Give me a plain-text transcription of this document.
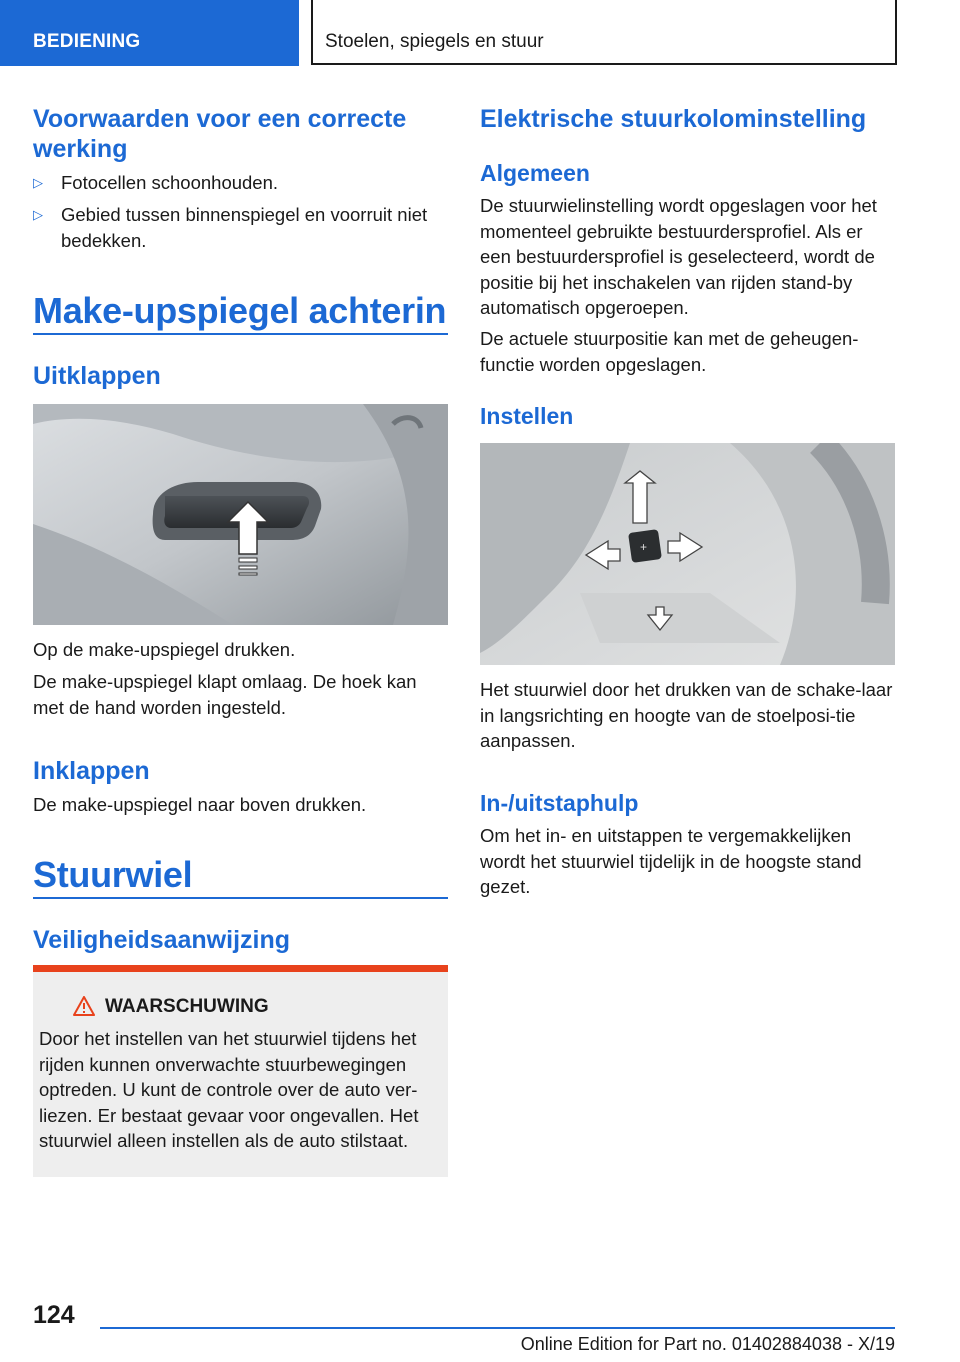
BEDIENING	Stoelen, spiegels en stuur
Voorwaarden voor een correcte werking
▷ Fotocellen schoonhouden.
▷ Gebied tussen binnenspiegel en voorruit niet bedekken.
Make-upspiegel achterin
Uitklappen
Op de make-upspiegel drukken.
De make-upspiegel klapt omlaag. De hoek kan met de hand worden ingesteld.
Inklappen
De make-upspiegel naar boven drukken.
Stuurwiel
Veiligheidsaanwijzing
WAARSCHUWING
Door het instellen van het stuurwiel tijdens het rijden kunnen onverwachte stuurbewegingen optreden. U kunt de controle over de auto ver-liezen. Er bestaat gevaar voor ongevallen. Het stuurwiel alleen instellen als de auto stilstaat.
Elektrische stuurkolominstelling
Algemeen
De stuurwielinstelling wordt opgeslagen voor het momenteel gebruikte bestuurdersprofiel. Als er een bestuurdersprofiel is geselecteerd, wordt de positie bij het inschakelen van rijden stand-by automatisch opgeroepen.
De actuele stuurpositie kan met de geheugen-functie worden opgeslagen.
Instellen
+
Het stuurwiel door het drukken van de schake-laar in langsrichting en hoogte van de stoelposi-tie aanpassen.
In-/uitstaphulp
Om het in- en uitstappen te vergemakkelijken wordt het stuurwiel tijdelijk in de hoogste stand gezet.
124
Online Edition for Part no. 01402884038 - X/19
